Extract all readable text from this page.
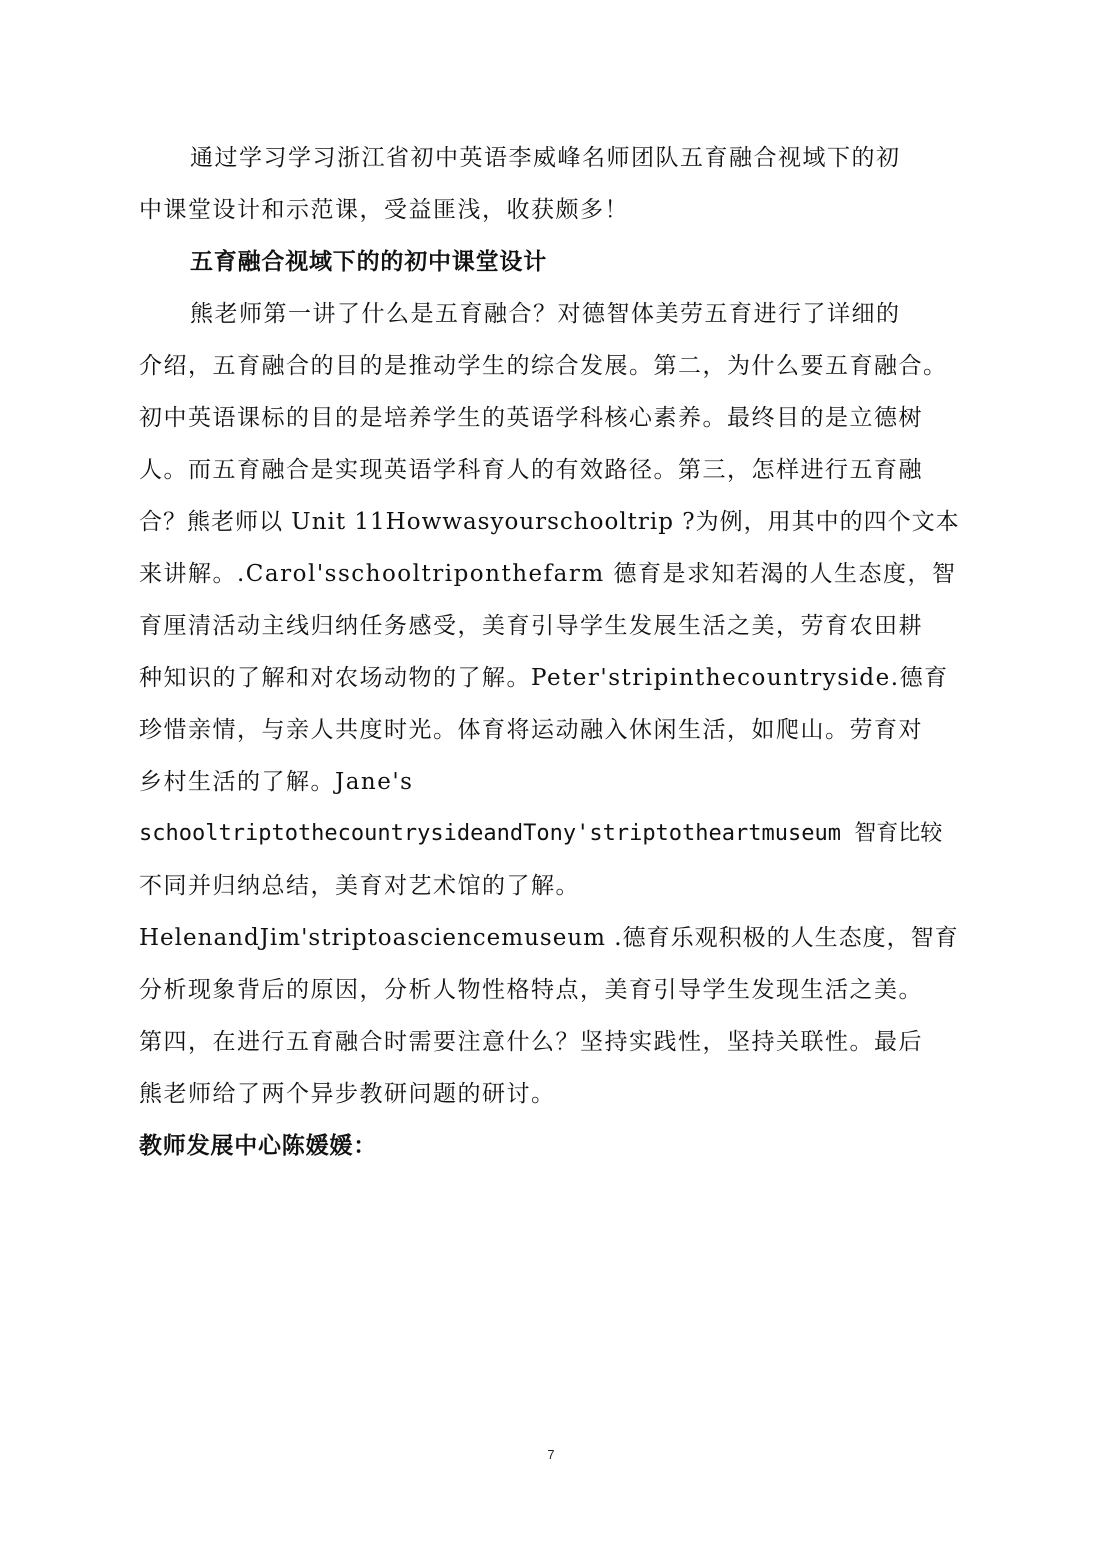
通过学习学习浙江省初中英语李威峰名师团队五育融合视域下的初
中课堂设计和示范课，受益匪浅，收获颇多！
五育融合视域下的的初中课堂设计
熊老师第一讲了什么是五育融合？对德智体美劳五育进行了详细的
介绍，五育融合的目的是推动学生的综合发展。第二，为什么要五育融合。
初中英语课标的目的是培养学生的英语学科核心素养。最终目的是立德树
人。而五育融合是实现英语学科育人的有效路径。第三，怎样进行五育融
合？熊老师以 Unit 11Howwasyourschooltrip ?为例，用其中的四个文本
来讲解。.Carol'sschooltriponthefarm 德育是求知若渴的人生态度，智
育厘清活动主线归纳任务感受，美育引导学生发展生活之美，劳育农田耕
种知识的了解和对农场动物的了解。Peter'stripinthecountryside.德育
珍惜亲情，与亲人共度时光。体育将运动融入休闲生活，如爬山。劳育对
乡村生活的了解。Jane's
schooltriptothecountrysideandTony'striptotheartmuseum 智育比较
不同并归纳总结，美育对艺术馆的了解。
HelenandJim'striptoasciencemuseum .德育乐观积极的人生态度，智育
分析现象背后的原因，分析人物性格特点，美育引导学生发现生活之美。
第四，在进行五育融合时需要注意什么？坚持实践性，坚持关联性。最后
熊老师给了两个异步教研问题的研讨。
教师发展中心陈媛媛：
7
